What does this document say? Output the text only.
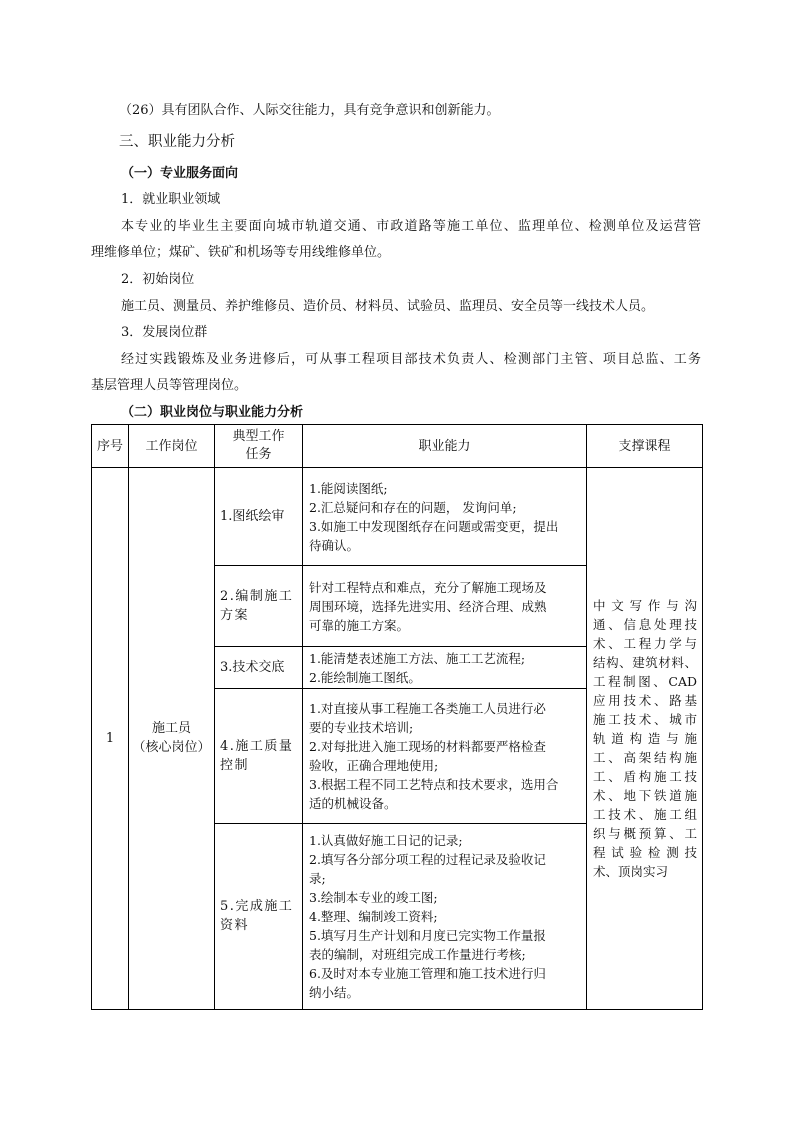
（26）具有团队合作、人际交往能力，具有竞争意识和创新能力。
三、职业能力分析
（一）专业服务面向
1．就业职业领域
本专业的毕业生主要面向城市轨道交通、市政道路等施工单位、监理单位、检测单位及运营管
理维修单位；煤矿、铁矿和机场等专用线维修单位。
2．初始岗位
施工员、测量员、养护维修员、造价员、材料员、试验员、监理员、安全员等一线技术人员。
3．发展岗位群
经过实践锻炼及业务进修后，可从事工程项目部技术负责人、检测部门主管、项目总监、工务
基层管理人员等管理岗位。
（二）职业岗位与职业能力分析
序号 工作岗位
典型工作
任务
职业能力	支撑课程
1
施工员
（核心岗位）
1.图纸绘审
1.能阅读图纸;
2.汇总疑问和存在的问题， 发询问单;
3.如施工中发现图纸存在问题或需变更，提出
待确认。
2.编制施工
方案
针对工程特点和难点，充分了解施工现场及
周围环境，选择先进实用、经济合理、成熟
可靠的施工方案。
3.技术交底
1.能清楚表述施工方法、施工工艺流程;
2.能绘制施工图纸。
4.施工质量
控制
1.对直接从事工程施工各类施工人员进行必
要的专业技术培训;
2.对每批进入施工现场的材料都要严格检查
验收，正确合理地使用;
3.根据工程不同工艺特点和技术要求，选用合
适的机械设备。
5.完成施工
资料
1.认真做好施工日记的记录;
2.填写各分部分项工程的过程记录及验收记
录;
3.绘制本专业的竣工图;
4.整理、编制竣工资料;
5.填写月生产计划和月度已完实物工作量报
表的编制，对班组完成工作量进行考核;
6.及时对本专业施工管理和施工技术进行归
纳小结。
中文写作与沟
通、信息处理技
术、工程力学与
结构、建筑材料、
工程制图、CAD
应用技术、路基
施工技术、城市
轨道构造与施
工、高架结构施
工、盾构施工技
术、地下铁道施
工技术、施工组
织与概预算、工
程试验检测技
术、顶岗实习
